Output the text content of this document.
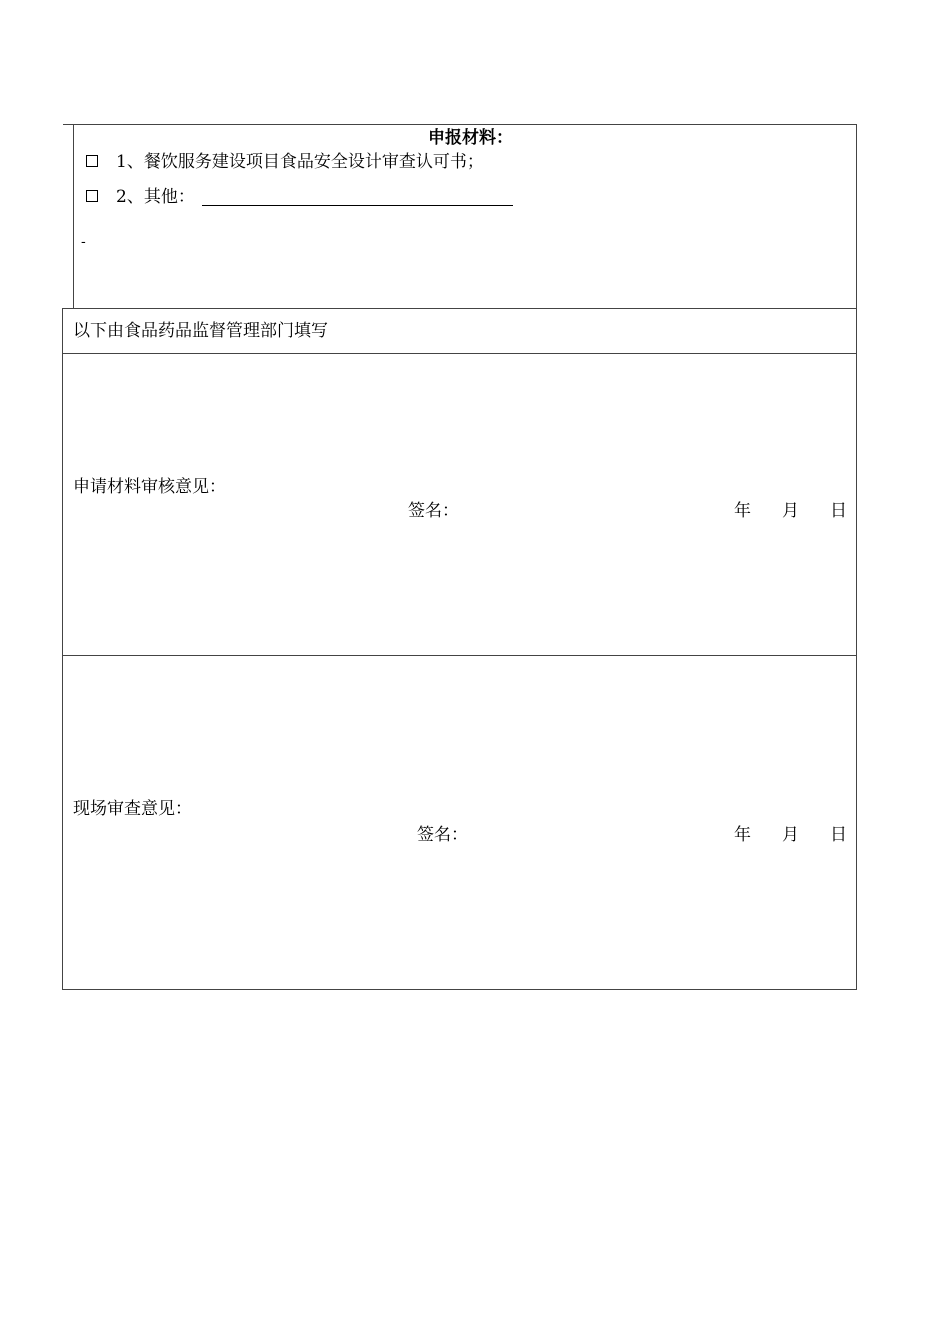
申报材料：
1、餐饮服务建设项目食品安全设计审查认可书；
2、其他：
-
以下由食品药品监督管理部门填写
申请材料审核意见：
签名：	年 月 日
现场审查意见：
签名：	年 月 日
